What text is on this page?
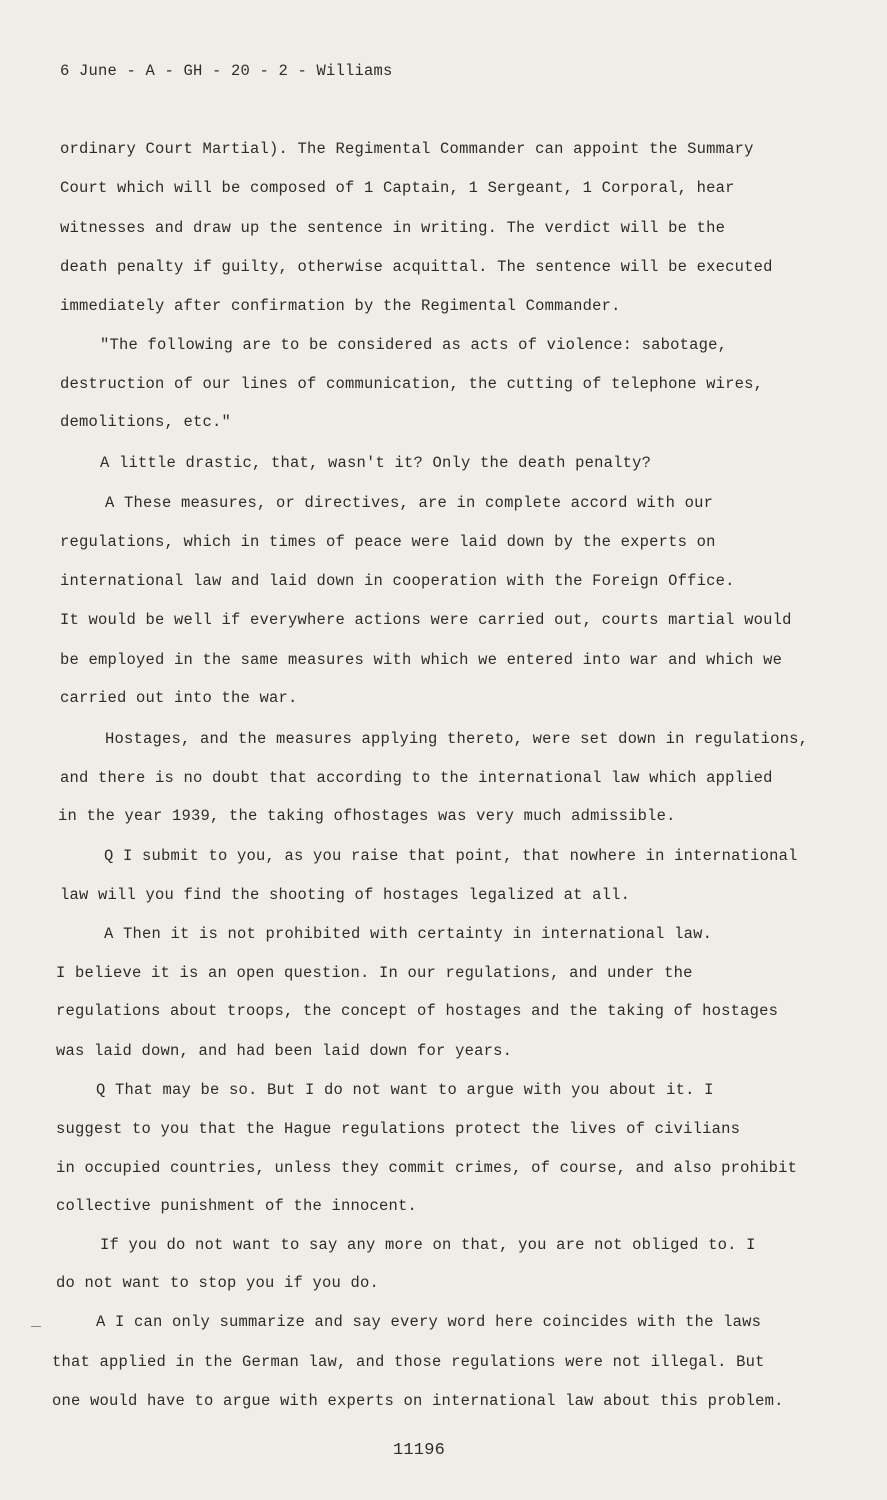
6 June - A - GH - 20 - 2 - Williams
ordinary Court Martial). The Regimental Commander can appoint the Summary
Court which will be composed of 1 Captain, 1 Sergeant, 1 Corporal, hear
witnesses and draw up the sentence in writing. The verdict will be the
death penalty if guilty, otherwise acquittal. The sentence will be executed
immediately after confirmation by the Regimental Commander.
"The following are to be considered as acts of violence: sabotage,
destruction of our lines of communication, the cutting of telephone wires,
demolitions, etc."
A little drastic, that, wasn't it? Only the death penalty?
A These measures, or directives, are in complete accord with our
regulations, which in times of peace were laid down by the experts on
international law and laid down in cooperation with the Foreign Office.
It would be well if everywhere actions were carried out, courts martial would
be employed in the same measures with which we entered into war and which we
carried out into the war.
Hostages, and the measures applying thereto, were set down in regulations,
and there is no doubt that according to the international law which applied
in the year 1939, the taking ofhostages was very much admissible.
Q I submit to you, as you raise that point, that nowhere in international
law will you find the shooting of hostages legalized at all.
A Then it is not prohibited with certainty in international law.
I believe it is an open question. In our regulations, and under the
regulations about troops, the concept of hostages and the taking of hostages
was laid down, and had been laid down for years.
Q That may be so. But I do not want to argue with you about it. I
suggest to you that the Hague regulations protect the lives of civilians
in occupied countries, unless they commit crimes, of course, and also prohibit
collective punishment of the innocent.
If you do not want to say any more on that, you are not obliged to. I
do not want to stop you if you do.
A I can only summarize and say every word here coincides with the laws
that applied in the German law, and those regulations were not illegal. But
one would have to argue with experts on international law about this problem.
11196
